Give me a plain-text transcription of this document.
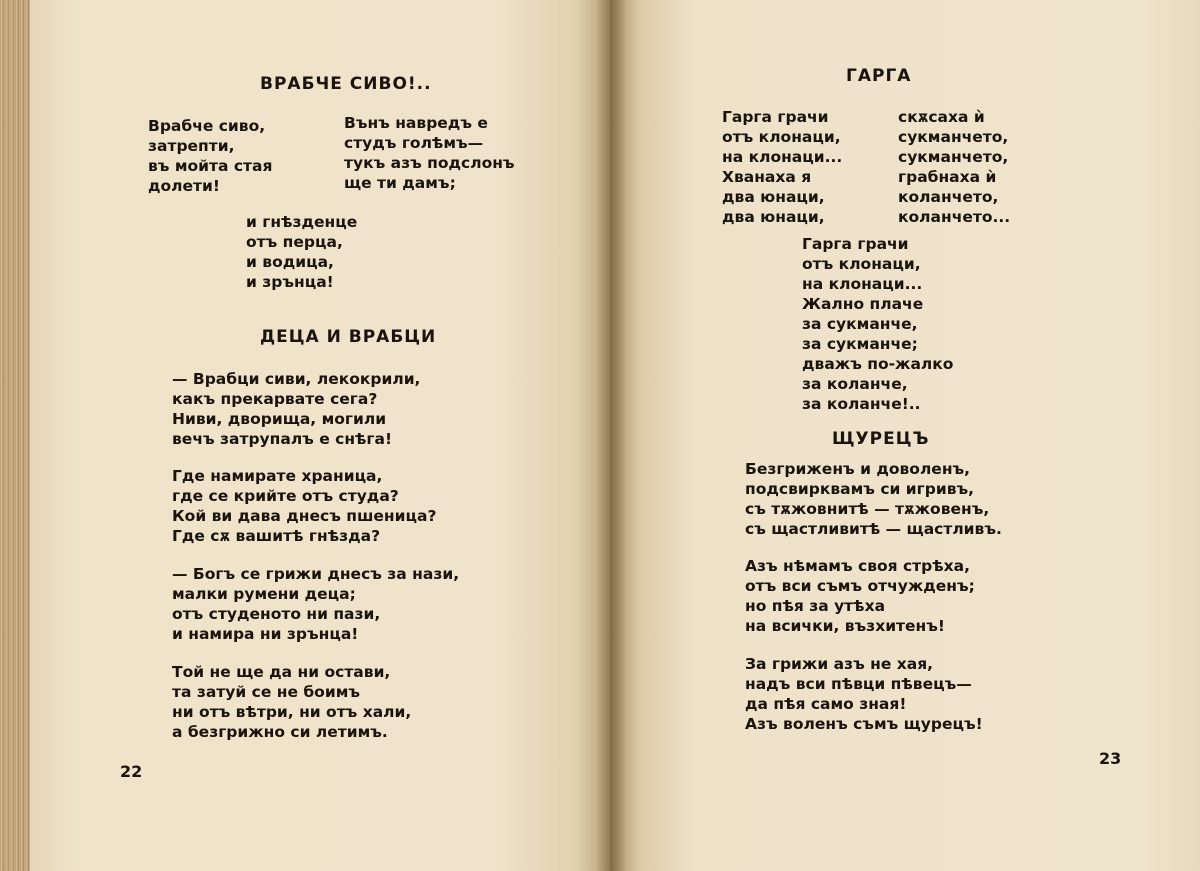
ВРАБЧЕ СИВО!..
Врабче сиво,
затрепти,
въ мойта стая
долети!
Вънъ навредъ е
студъ голѣмъ—
тукъ азъ подслонъ
ще ти дамъ;
и гнѣзденце
отъ перца,
и водица,
и зрънца!
ДЕЦА И ВРАБЦИ
— Врабци сиви, лекокрили,
какъ прекарвате сега?
Ниви, дворища, могили
вечъ затрупалъ е снѣга!
Где намирате храница,
где се крийте отъ студа?
Кой ви дава днесъ пшеница?
Где сѫ вашитѣ гнѣзда?
— Богъ се грижи днесъ за нази,
малки румени деца;
отъ студеното ни пази,
и намира ни зрънца!
Той не ще да ни остави,
та затуй се не боимъ
ни отъ вѣтри, ни отъ хали,
а безгрижно си летимъ.
22
ГАРГА
Гарга грачи
отъ клонаци,
на клонаци...
Хванаха я
два юнаци,
два юнаци,
скѫсаха ѝ
сукманчето,
сукманчето,
грабнаха ѝ
коланчето,
коланчето...
Гарга грачи
отъ клонаци,
на клонаци...
Жално плаче
за сукманче,
за сукманче;
дважъ по-жалко
за коланче,
за коланче!..
ЩУРЕЦЪ
Безгриженъ и доволенъ,
подсвирквамъ си игривъ,
съ тѫжовнитѣ — тѫжовенъ,
съ щастливитѣ — щастливъ.
Азъ нѣмамъ своя стрѣха,
отъ вси съмъ отчужденъ;
но пѣя за утѣха
на всички, възхитенъ!
За грижи азъ не хая,
надъ вси пѣвци пѣвецъ—
да пѣя само зная!
Азъ воленъ съмъ щурецъ!
23
